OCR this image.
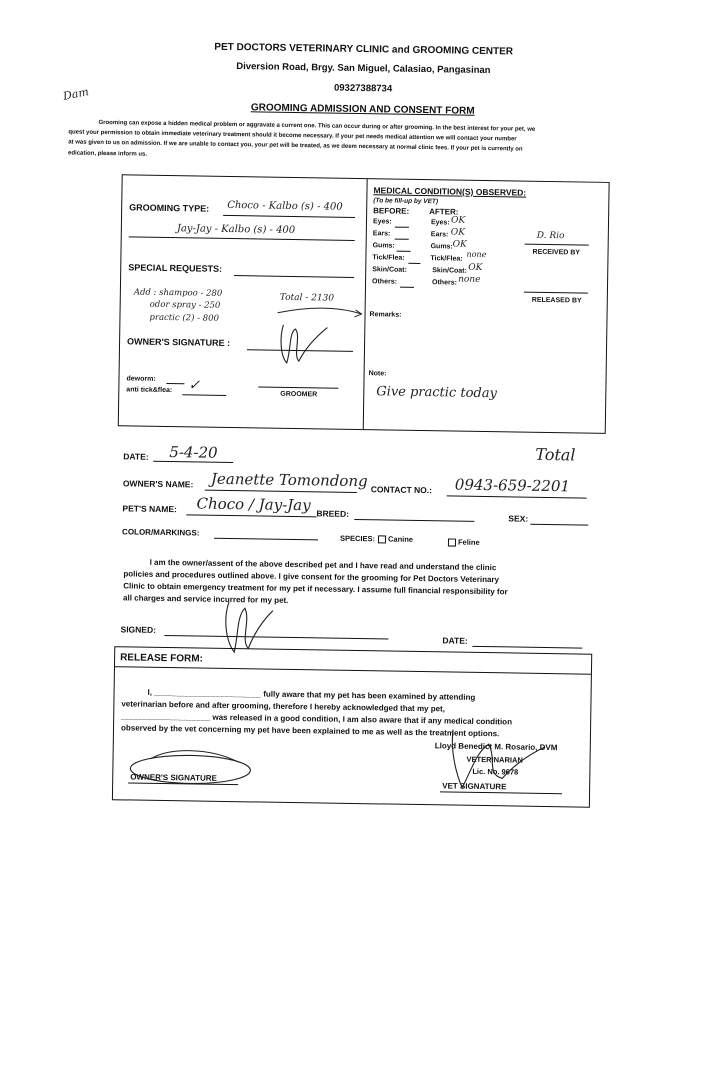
PET DOCTORS VETERINARY CLINIC and GROOMING CENTER
Diversion Road, Brgy. San Miguel, Calasiao, Pangasinan
09327388734
GROOMING ADMISSION AND CONSENT FORM
Dam
Grooming can expose a hidden medical problem or aggravate a current one. This can occur during or after grooming. In the best interest for your pet, we
quest your permission to obtain immediate veterinary treatment should it become necessary. If your pet needs medical attention we will contact your number
at was given to us on admission. If we are unable to contact you, your pet will be treated, as we deem necessary at normal clinic fees. If your pet is currently on
edication, please inform us.
GROOMING TYPE: Choco - Kalbo (s) - 400
Jay-Jay - Kalbo (s) - 400
SPECIAL REQUESTS:
Add : shampoo - 280
odor spray - 250
practic (2) - 800
Total - 2130
OWNER'S SIGNATURE :
deworm:
anti tick&flea: ✓
GROOMER
MEDICAL CONDITION(S) OBSERVED:
(To be fill-up by VET)
BEFORE: AFTER:
Eyes:	Eyes: OK
Ears:	Ears: OK
Gums:	Gums: OK
Tick/Flea:	Tick/Flea: none
Skin/Coat:	Skin/Coat: OK
Others:	Others: none
Remarks:
Note:
Give practic today
D. Rio
RECEIVED BY
RELEASED BY
DATE: 5-4-20	Total
OWNER'S NAME: Jeanette Tomondong CONTACT NO.: 0943-659-2201
PET'S NAME: Choco / Jay-Jay BREED:	SEX:
COLOR/MARKINGS:
SPECIES: Canine	Feline
I am the owner/assent of the above described pet and I have read and understand the clinic
policies and procedures outlined above. I give consent for the grooming for Pet Doctors Veterinary
Clinic to obtain emergency treatment for my pet if necessary. I assume full financial responsibility for
all charges and service incurred for my pet.
SIGNED:
DATE:
RELEASE FORM:
I, ________________________ fully aware that my pet has been examined by attending
veterinarian before and after grooming, therefore I hereby acknowledged that my pet,
____________________ was released in a good condition, I am also aware that if any medical condition
observed by the vet concerning my pet have been explained to me as well as the treatment options.
Lloyd Benedict M. Rosario, DVM
VETERINARIAN
Lic. No. 9678
OWNER'S SIGNATURE
VET SIGNATURE
